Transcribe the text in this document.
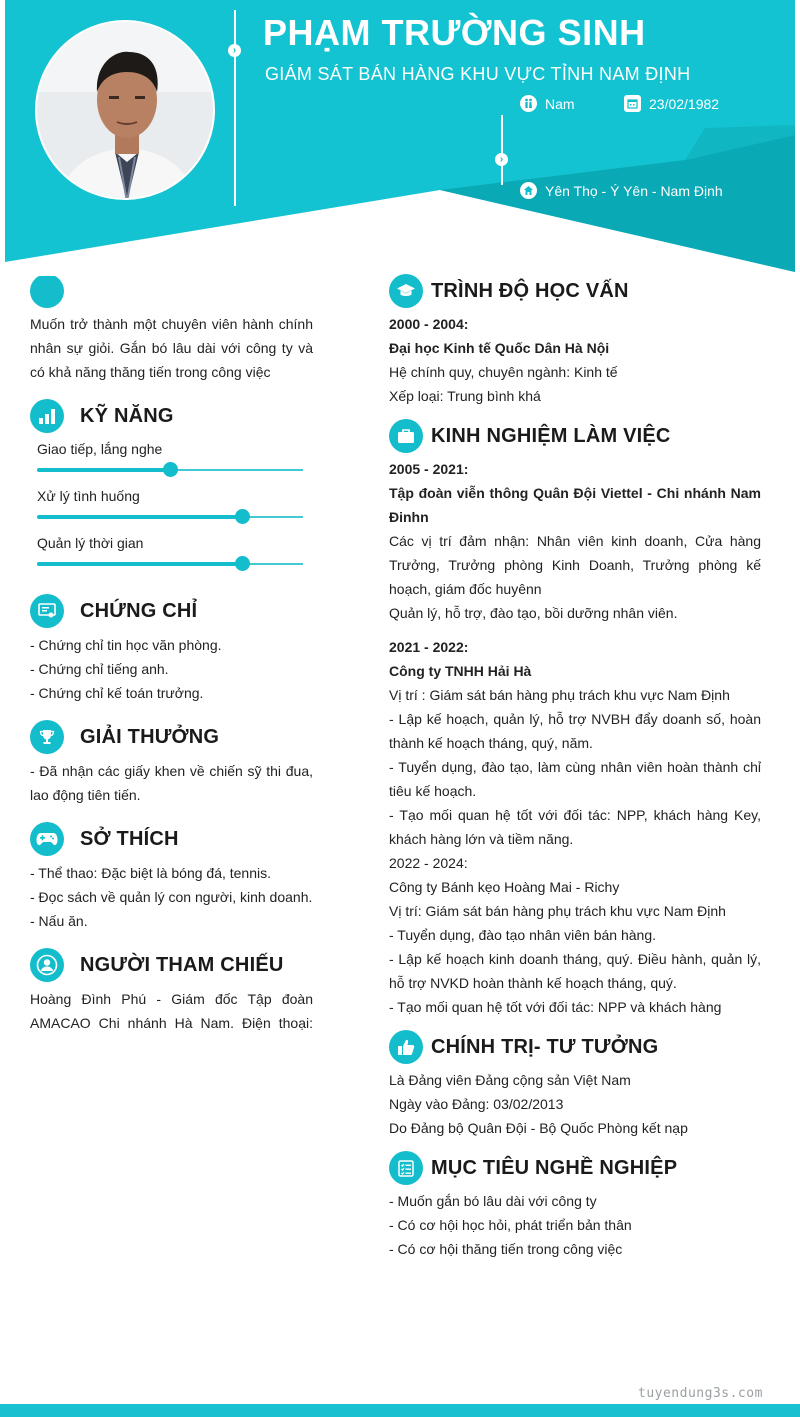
›
›
PHẠM TRƯỜNG SINH
GIÁM SÁT BÁN HÀNG KHU VỰC TỈNH NAM ĐỊNH
Nam	23/02/1982
Yên Thọ - Ý Yên - Nam Định
Muốn trở thành một chuyên viên hành chính nhân sự giỏi. Gắn bó lâu dài với công ty và có khả năng thăng tiến trong công việc
KỸ NĂNG
Giao tiếp, lắng nghe
Xử lý tình huống
Quản lý thời gian
CHỨNG CHỈ
- Chứng chỉ tin học văn phòng.
- Chứng chỉ tiếng anh.
- Chứng chỉ kế toán trưởng.
GIẢI THƯỞNG
- Đã nhận các giấy khen về chiến sỹ thi đua, lao động tiên tiến.
SỞ THÍCH
- Thể thao: Đặc biệt là bóng đá, tennis.
- Đọc sách về quản lý con người, kinh doanh.
- Nấu ăn.
NGƯỜI THAM CHIẾU
Hoàng Đình Phú - Giám đốc Tập đoàn AMACAO Chi nhánh Hà Nam. Điện thoại:
TRÌNH ĐỘ HỌC VẤN
2000 - 2004:
Đại học Kinh tế Quốc Dân Hà Nội
Hệ chính quy, chuyên ngành: Kinh tế
Xếp loại: Trung bình khá
KINH NGHIỆM LÀM VIỆC
2005 - 2021:
Tập đoàn viễn thông Quân Đội Viettel - Chi nhánh Nam Đinhn
Các vị trí đảm nhận: Nhân viên kinh doanh, Cửa hàng Trưởng, Trưởng phòng Kinh Doanh, Trưởng phòng kế hoạch, giám đốc huyênn
Quản lý, hỗ trợ, đào tạo, bồi dưỡng nhân viên.
2021 - 2022:
Công ty TNHH Hải Hà
Vị trí : Giám sát bán hàng phụ trách khu vực Nam Định
- Lập kế hoạch, quản lý, hỗ trợ NVBH đẩy doanh số, hoàn thành kế hoạch tháng, quý, năm.
- Tuyển dụng, đào tạo, làm cùng nhân viên hoàn thành chỉ tiêu kế hoạch.
- Tạo mối quan hệ tốt với đối tác: NPP, khách hàng Key, khách hàng lớn và tiềm năng.
2022 - 2024:
Công ty Bánh kẹo Hoàng Mai - Richy
Vị trí: Giám sát bán hàng phụ trách khu vực Nam Định
- Tuyển dụng, đào tạo nhân viên bán hàng.
- Lập kế hoạch kinh doanh tháng, quý. Điều hành, quản lý, hỗ trợ NVKD hoàn thành kế hoạch tháng, quý.
- Tạo mối quan hệ tốt với đối tác: NPP và khách hàng
CHÍNH TRỊ- TƯ TƯỞNG
Là Đảng viên Đảng cộng sản Việt Nam
Ngày vào Đảng: 03/02/2013
Do Đảng bộ Quân Đội - Bộ Quốc Phòng kết nạp
MỤC TIÊU NGHỀ NGHIỆP
- Muốn gắn bó lâu dài với công ty
- Có cơ hội học hỏi, phát triển bản thân
- Có cơ hội thăng tiến trong công việc
tuyendung3s.com
